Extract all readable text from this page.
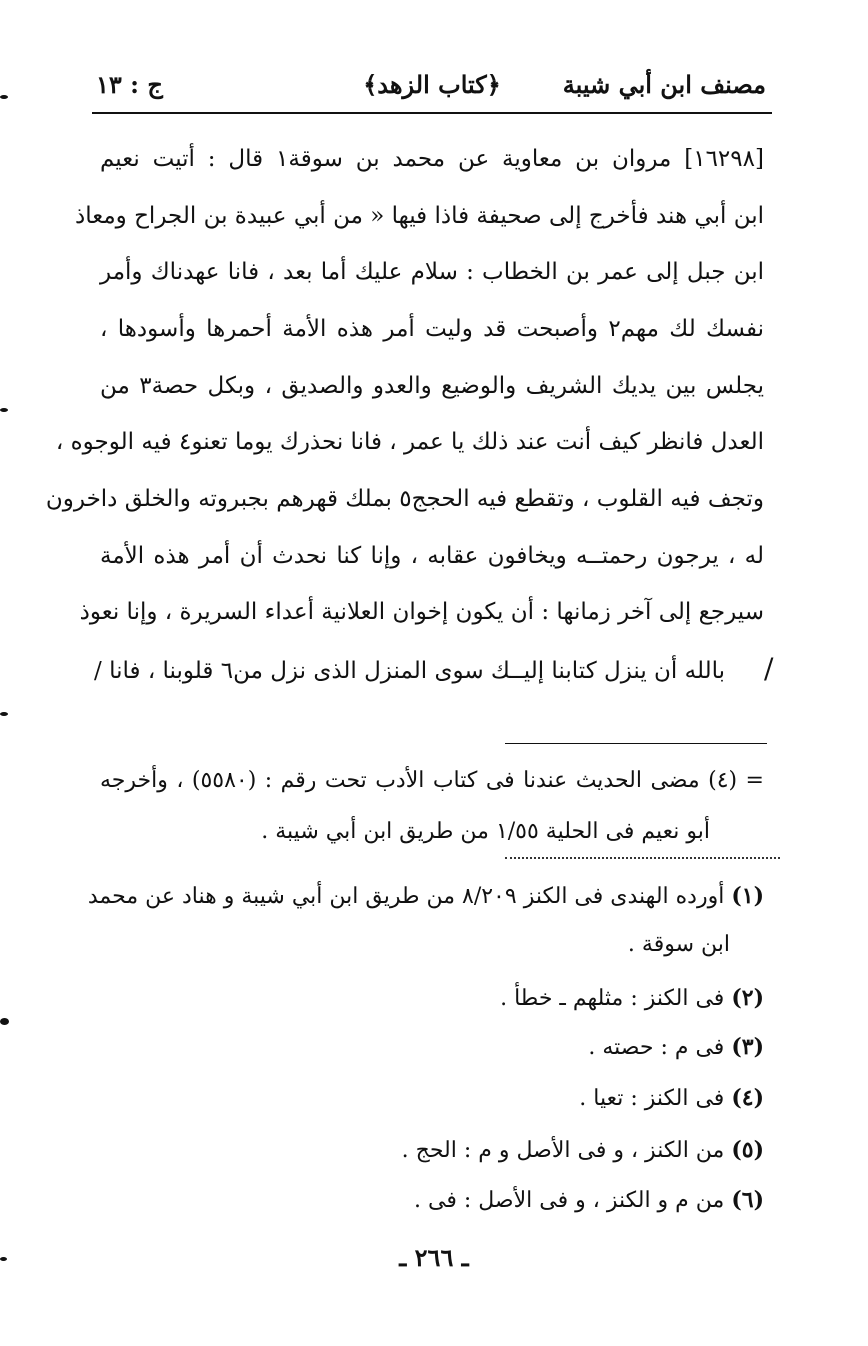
مصنف ابن أبي شيبة
﴿كتاب الزهد﴾
ج : ١٣
[١٦٢٩٨] مروان بن معاوية عن محمد بن سوقة١ قال : أتيت نعيم
ابن أبي هند فأخرج إلى صحيفة فاذا فيها « من أبي عبيدة بن الجراح ومعاذ
ابن جبل إلى عمر بن الخطاب : سلام عليك أما بعد ، فانا عهدناك وأمر
نفسك لك مهم٢ وأصبحت قد وليت أمر هذه الأمة أحمرها وأسودها ،
يجلس بين يديك الشريف والوضيع والعدو والصديق ، وبكل حصة٣ من
العدل فانظر كيف أنت عند ذلك يا عمر ، فانا نحذرك يوما تعنو٤ فيه الوجوه ،
وتجف فيه القلوب ، وتقطع فيه الحجج٥ بملك قهرهم بجبروته والخلق داخرون
له ، يرجون رحمتــه ويخافون عقابه ، وإنا كنا نحدث أن أمر هذه الأمة
سيرجع إلى آخر زمانها : أن يكون إخوان العلانية أعداء السريرة ، وإنا نعوذ
بالله أن ينزل كتابنا إليــك سوى المنزل الذى نزل من٦ قلوبنا ، فانا / /
= (٤) مضى الحديث عندنا فى كتاب الأدب تحت رقم : (٥٥٨٠) ، وأخرجه
أبو نعيم فى الحلية ١/٥٥ من طريق ابن أبي شيبة .
(١) أورده الهندى فى الكنز ٨/٢٠٩ من طريق ابن أبي شيبة و هناد عن محمد
ابن سوقة .
(٢) فى الكنز : مثلهم ـ خطأ .
(٣) فى م : حصته .
(٤) فى الكنز : تعيا .
(٥) من الكنز ، و فى الأصل و م : الحج .
(٦) من م و الكنز ، و فى الأصل : فى .
ـ ٢٦٦ ـ
